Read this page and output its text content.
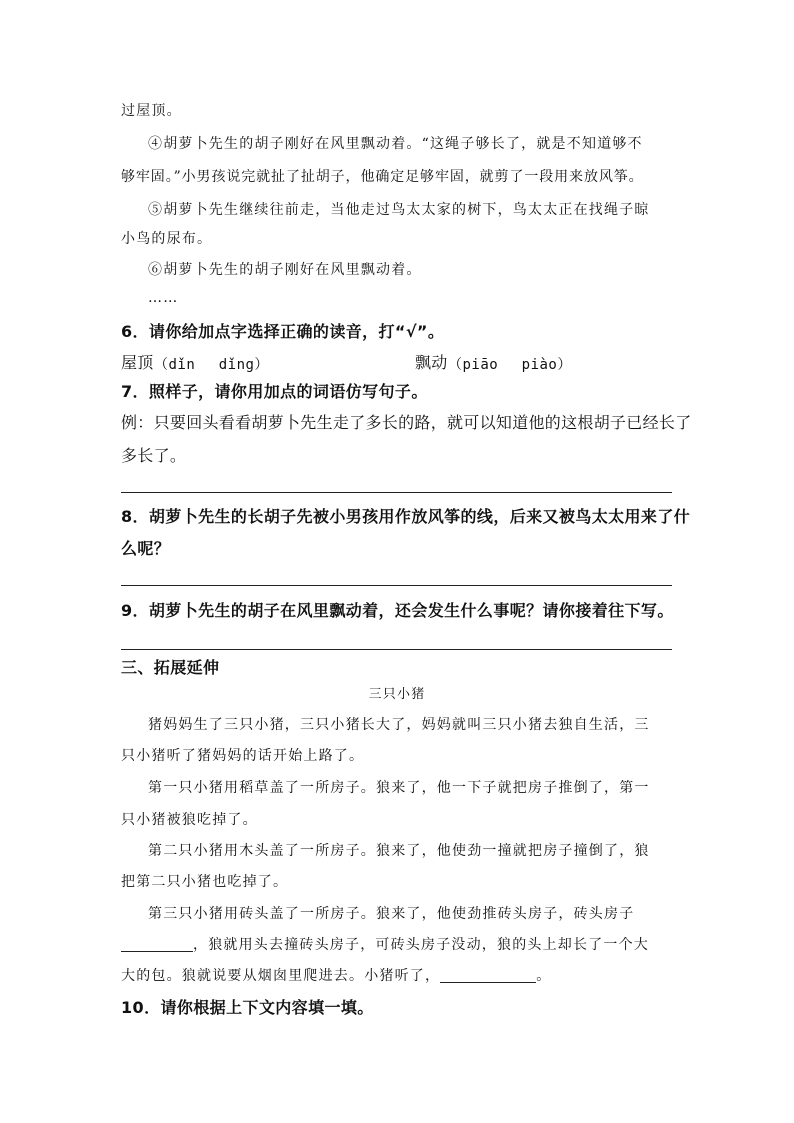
过屋顶。
④胡萝卜先生的胡子刚好在风里飘动着。“这绳子够长了，就是不知道够不
够牢固。”小男孩说完就扯了扯胡子，他确定足够牢固，就剪了一段用来放风筝。
⑤胡萝卜先生继续往前走，当他走过鸟太太家的树下，鸟太太正在找绳子晾
小鸟的尿布。
⑥胡萝卜先生的胡子刚好在风里飘动着。
……
6．请你给加点字选择正确的读音，打“√”。
屋顶 （dǐn　 dǐng）	飘动 （piāo　 piào）
7．照样子，请你用加点的词语仿写句子。
例：只要回头看看胡萝卜先生走了多长的路，就可以知道他的这根胡子已经长了
多长了。
8．胡萝卜先生的长胡子先被小男孩用作放风筝的线，后来又被鸟太太用来了什
么呢？
9．胡萝卜先生的胡子在风里飘动着，还会发生什么事呢？请你接着往下写。
三、拓展延伸
三只小猪
猪妈妈生了三只小猪，三只小猪长大了，妈妈就叫三只小猪去独自生活，三
只小猪听了猪妈妈的话开始上路了。
第一只小猪用稻草盖了一所房子。狼来了，他一下子就把房子推倒了，第一
只小猪被狼吃掉了。
第二只小猪用木头盖了一所房子。狼来了，他使劲一撞就把房子撞倒了，狼
把第二只小猪也吃掉了。
第三只小猪用砖头盖了一所房子。狼来了，他使劲推砖头房子，砖头房子
，狼就用头去撞砖头房子，可砖头房子没动，狼的头上却长了一个大
大的包。狼就说要从烟囱里爬进去。小猪听了，	。
10．请你根据上下文内容填一填。
